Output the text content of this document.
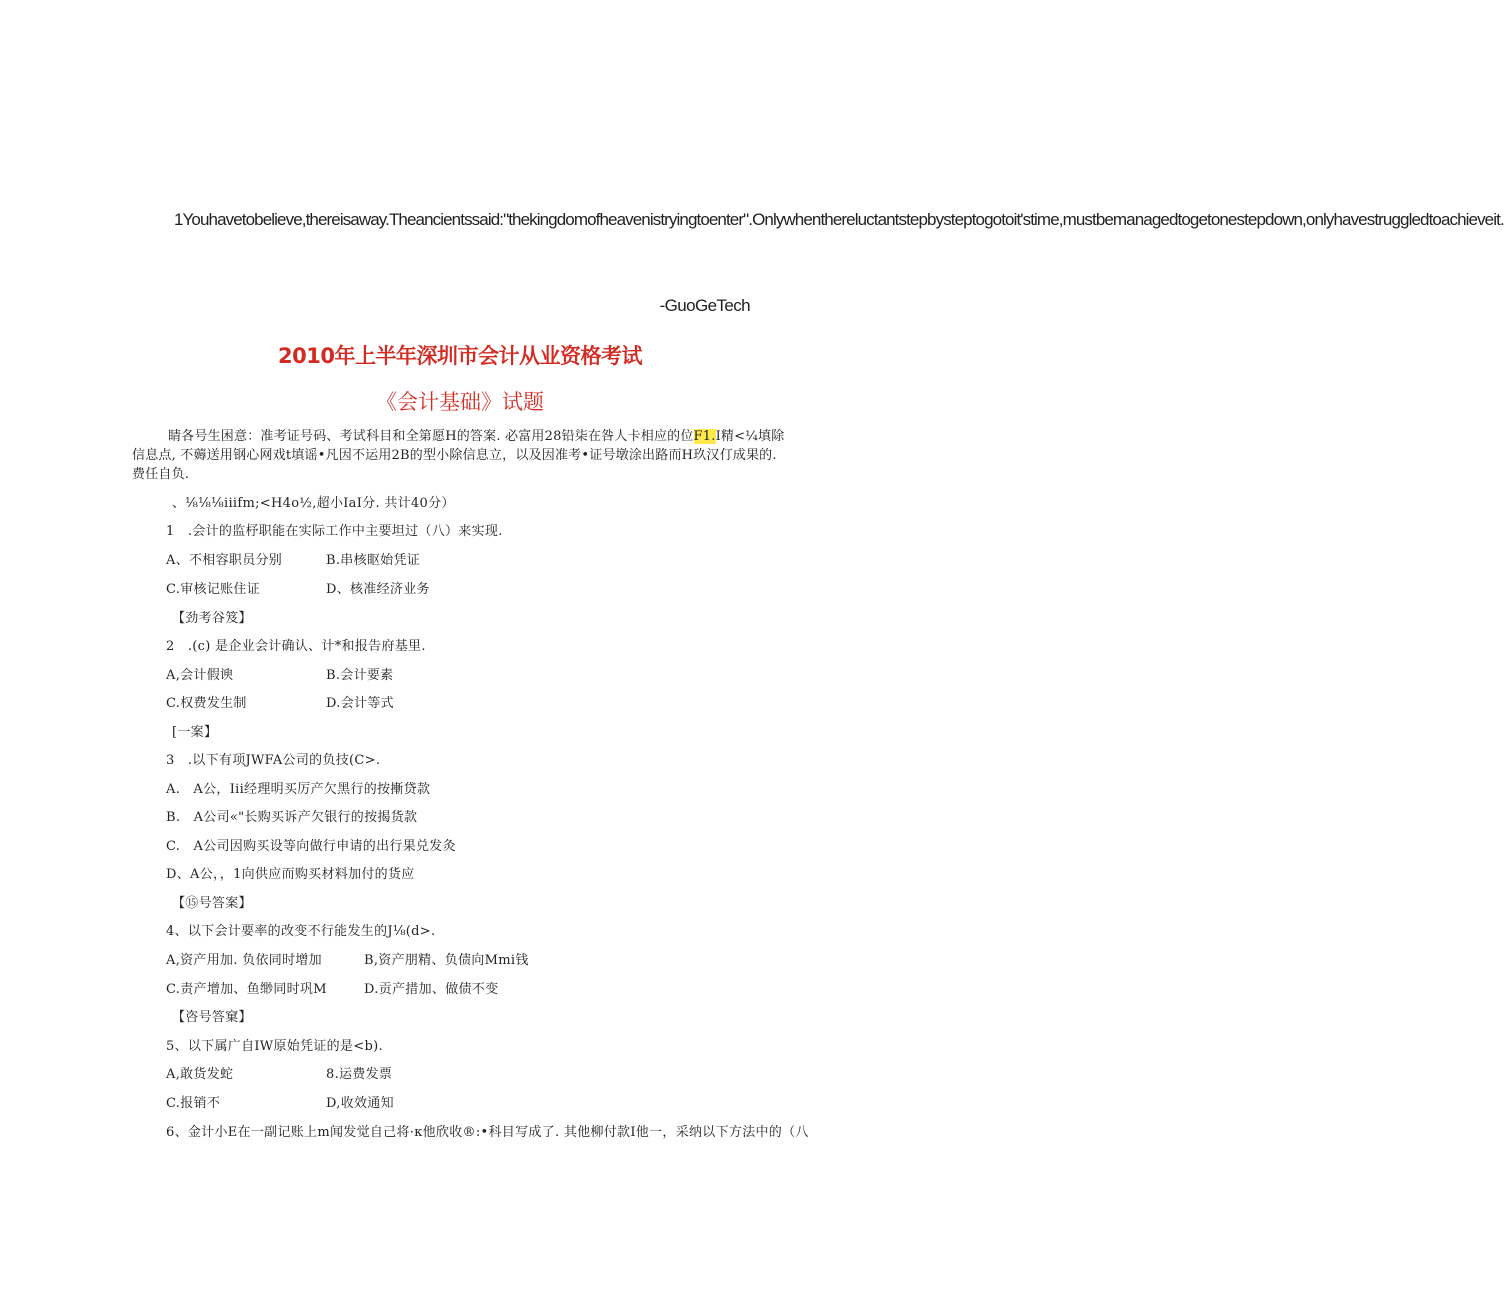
1Youhavetobelieve,thereisaway.Theancientssaid:"thekingdomofheavenistryingtoenter".Onlywhenthereluctantstepbysteptogotoit'stime,mustbemanagedtogetonestepdown,onlyhavestruggledtoachieveit.
-GuoGeTech
2010年上半年深圳市会计从业资格考试
《会计基础》试题
睛各号生困意：准考证号码、考试科目和全第愿H的答案. 必富用28铅柒在咎人卡相应的位F1.I精<¼填除信息点, 不薅送用钢心网戏t填谣•凡因不运用2B的型小除信息立，以及因准考•证号墩涂出路而H玖汉仃成果的. 费任自负.
、⅛⅛⅛iiifm;<H4o½,超小IaI分. 共计40分）
1　.会计的监杼职能在实际工作中主要坦过（八）来实现.
A、不相容职员分别	B.串核眍始凭证
C.审核记账住证	D、核准经济业务
【劲考谷笈】
2　.(c) 是企业会计确认、计*和报告府基里.
A,会计假谀	B.会计要素
C.权费发生制	D.会计等式
[一案】
3　.以下有项JWFA公司的负技(C>.
A.　A公，Iii经理明买厉产欠黑行的按摲贷款
B.　A公司«"长购买诉产欠银行的按揭货款
C.　A公司因购买设等向做行申请的出行果兑发灸
D、A公，，1向供应而购买材料加付的货应
【⑮号答案】
4、以下会计要率的改变不行能发生的J⅛(d>.
A,资产用加. 负依同时增加	B,资产朋精、负债向Mmi钱
C.责产增加、鱼缈同时巩M	D.贡产措加、做债不变
【咨号答窠】
5、以下属广自IW原始凭证的是<b).
A,敢货发蛇	8.运费发票
C.报销不	D,收效通知
6、金计小E在一副记账上m闻发觉自己将·κ他欣收®:•科目写成了. 其他柳付款I他一，采纳以下方法中的（八
